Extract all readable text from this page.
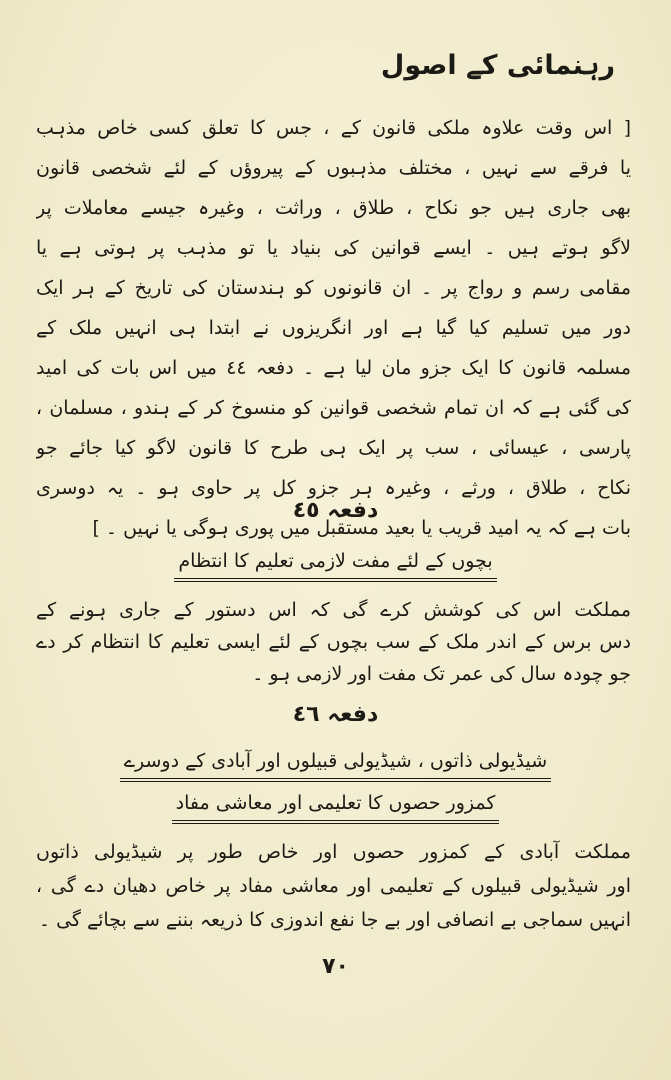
رہنمائی کے اصول
[ اس وقت علاوہ ملکی قانون کے ، جس کا تعلق کسی خاص مذہب
یا فرقے سے نہیں ، مختلف مذہبوں کے پیروؤں کے لئے شخصی قانون
بھی جاری ہیں جو نکاح ، طلاق ، وراثت ، وغیرہ جیسے معاملات پر
لاگو ہوتے ہیں ۔ ایسے قوانین کی بنیاد یا تو مذہب پر ہوتی ہے یا
مقامی رسم و رواج پر ۔ ان قانونوں کو ہندستان کی تاریخ کے ہر ایک
دور میں تسلیم کیا گیا ہے اور انگریزوں نے ابتدا ہی انہیں ملک کے
مسلمہ قانون کا ایک جزو مان لیا ہے ۔ دفعہ ٤٤ میں اس بات کی امید
کی گئی ہے کہ ان تمام شخصی قوانین کو منسوخ کر کے ہندو ، مسلمان ،
پارسی ، عیسائی ، سب پر ایک ہی طرح کا قانون لاگو کیا جائے جو
نکاح ، طلاق ، ورثے ، وغیرہ ہر جزو کل پر حاوی ہو ۔ یہ دوسری
بات ہے کہ یہ امید قریب یا بعید مستقبل میں پوری ہوگی یا نہیں ۔ ]
دفعہ ٤٥
بچوں کے لئے مفت لازمی تعلیم کا انتظام
مملکت اس کی کوشش کرے گی کہ اس دستور کے جاری ہونے کے
دس برس کے اندر ملک کے سب بچوں کے لئے ایسی تعلیم کا انتظام کر دے
جو چودہ سال کی عمر تک مفت اور لازمی ہو ۔
دفعہ ٤٦
شیڈیولی ذاتوں ، شیڈیولی قبیلوں اور آبادی کے دوسرے
کمزور حصوں کا تعلیمی اور معاشی مفاد
مملکت آبادی کے کمزور حصوں اور خاص طور پر شیڈیولی ذاتوں
اور شیڈیولی قبیلوں کے تعلیمی اور معاشی مفاد پر خاص دھیان دے گی ،
انہیں سماجی بے انصافی اور بے جا نفع اندوزی کا ذریعہ بننے سے بچائے گی ۔
٧٠
